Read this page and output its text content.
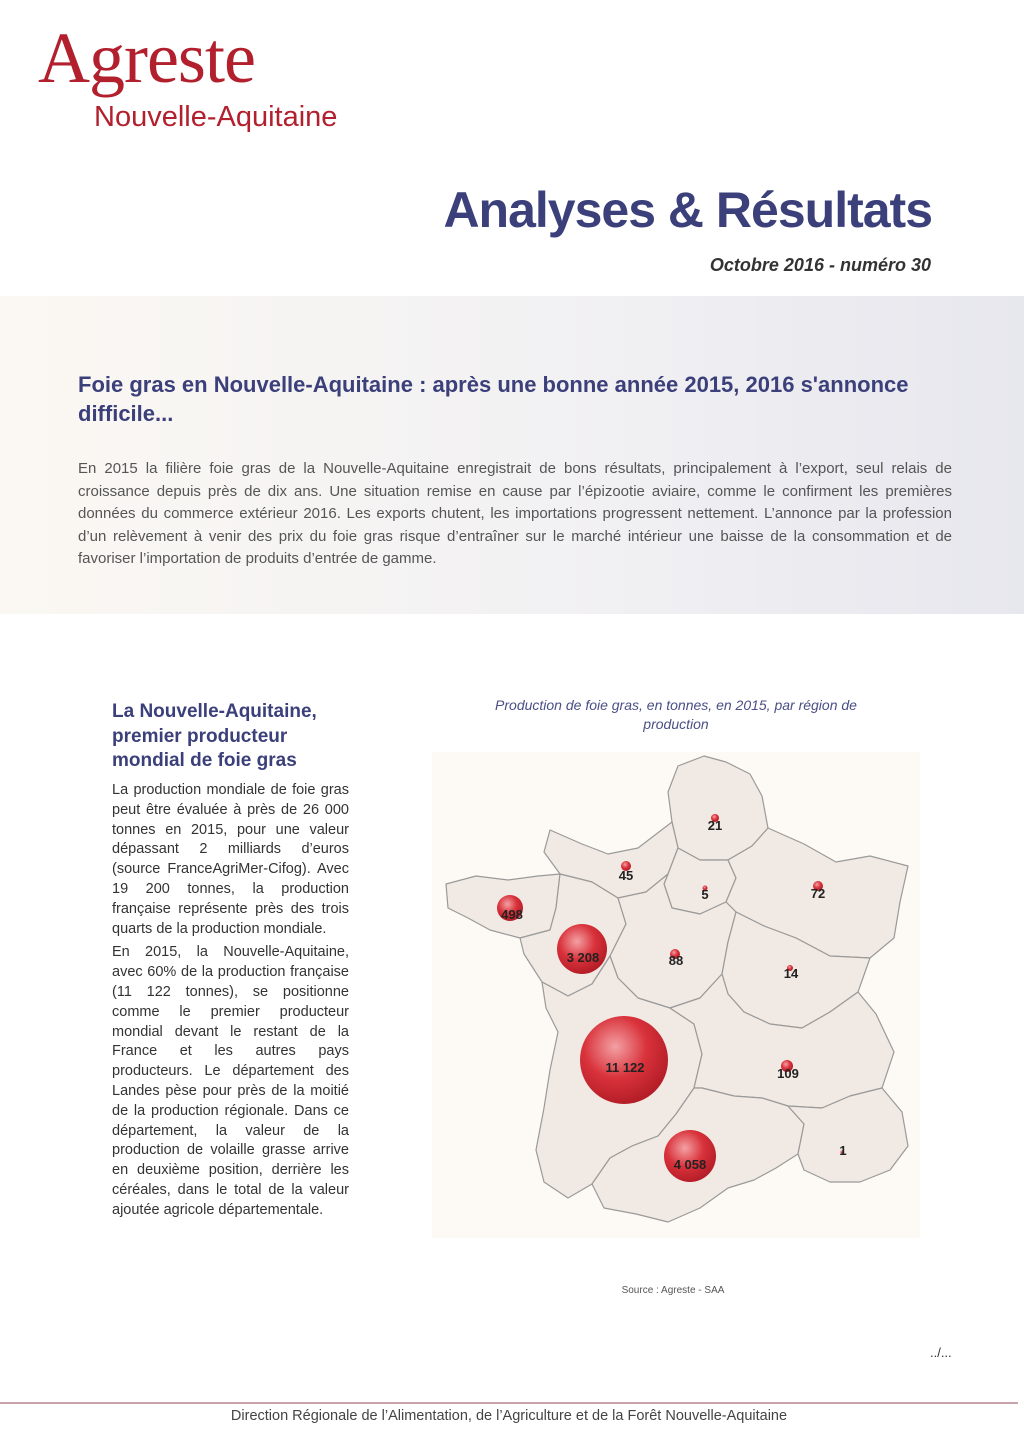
Agreste
Nouvelle-Aquitaine
Analyses & Résultats
Octobre 2016 - numéro 30
Foie gras en Nouvelle-Aquitaine : après une bonne année 2015, 2016 s'annonce difficile...
En 2015 la filière foie gras de la Nouvelle-Aquitaine enregistrait de bons résultats, principalement à l’export, seul relais de croissance depuis près de dix ans. Une situation remise en cause par l’épizootie aviaire, comme le confirment les premières données du commerce extérieur 2016. Les exports chutent, les importations progressent nettement. L’annonce par la profession d’un relèvement à venir des prix du foie gras risque d’entraîner sur le marché intérieur une baisse de la consommation et de favoriser l’importation de produits d’entrée de gamme.
La Nouvelle-Aquitaine, premier producteur mondial de foie gras

La production mondiale de foie gras peut être évaluée à près de 26 000 tonnes en 2015, pour une valeur dépassant 2 milliards d’euros (source FranceAgriMer-Cifog). Avec 19 200 tonnes, la production française représente près des trois quarts de la production mondiale.

En 2015, la Nouvelle-Aquitaine, avec 60% de la production française (11 122 tonnes), se positionne comme le premier producteur mondial devant le restant de la France et les autres pays producteurs. Le département des Landes pèse pour près de la moitié de la production régionale. Dans ce département, la valeur de la production de volaille grasse arrive en deuxième position, derrière les céréales, dans le total de la valeur ajoutée agricole départementale.

Production de foie gras, en tonnes, en 2015, par région de production
21
45
5	72
498
3 208	88
14
11 122	109
4 058
1
Source : Agreste - SAA
../...
Direction Régionale de l’Alimentation, de l’Agriculture et de la Forêt Nouvelle-Aquitaine
